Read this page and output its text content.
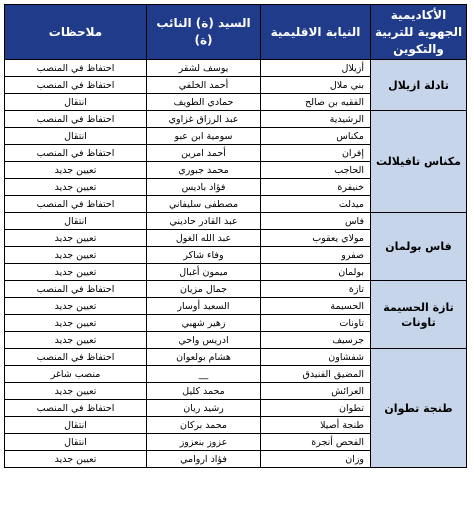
الأكاديمية الجهوية للتربية والتكوين	النيابة الاقليمية	السيد (ة) النائب (ة)	ملاحظات
تادلة ازيلال	أزيلال	يوسف لشقر	احتفاظ في المنصب
	بني ملال	أحمد الخلفي	احتفاظ في المنصب
	الفقيه بن صالح	حمادي الطويف	انتقال
مكناس تافيلالت	الرشيدية	عبد الرزاق غزاوي	احتفاظ في المنصب
	مكناس	سومية ابن عبو	انتقال
	إفران	أحمد امرين	احتفاظ في المنصب
	الحاجب	محمد جبوري	تعيين جديد
	خنيفرة	فؤاد باديس	تعيين جديد
	ميدلت	مصطفى سليفاني	احتفاظ في المنصب
فاس بولمان	فاس	عبد القادر حاديني	انتقال
	مولاي يعقوب	عبد الله الغول	تعيين جديد
	صفرو	وفاء شاكر	تعيين جديد
	بولمان	ميمون أغبال	تعيين جديد
تازة الحسيمة تاونات	تازة	جمال مزيان	احتفاظ في المنصب
	الحسيمة	السعيد أوسار	تعيين جديد
	تاونات	زهير شهبي	تعيين جديد
	جرسيف	ادريس واحي	تعيين جديد
طنجة تطوان	شفشاون	هشام بولعوان	احتفاظ في المنصب
	المضيق الفنيدق	__	منصب شاغر
	العرائش	محمد كليل	تعيين جديد
	تطوان	رشيد ريان	احتفاظ في المنصب
	طنجة أصيلا	محمد بركان	انتقال
	الفحص أنجرة	عزوز بنعزوز	انتقال
	وزان	فؤاد اروامي	تعيين جديد
